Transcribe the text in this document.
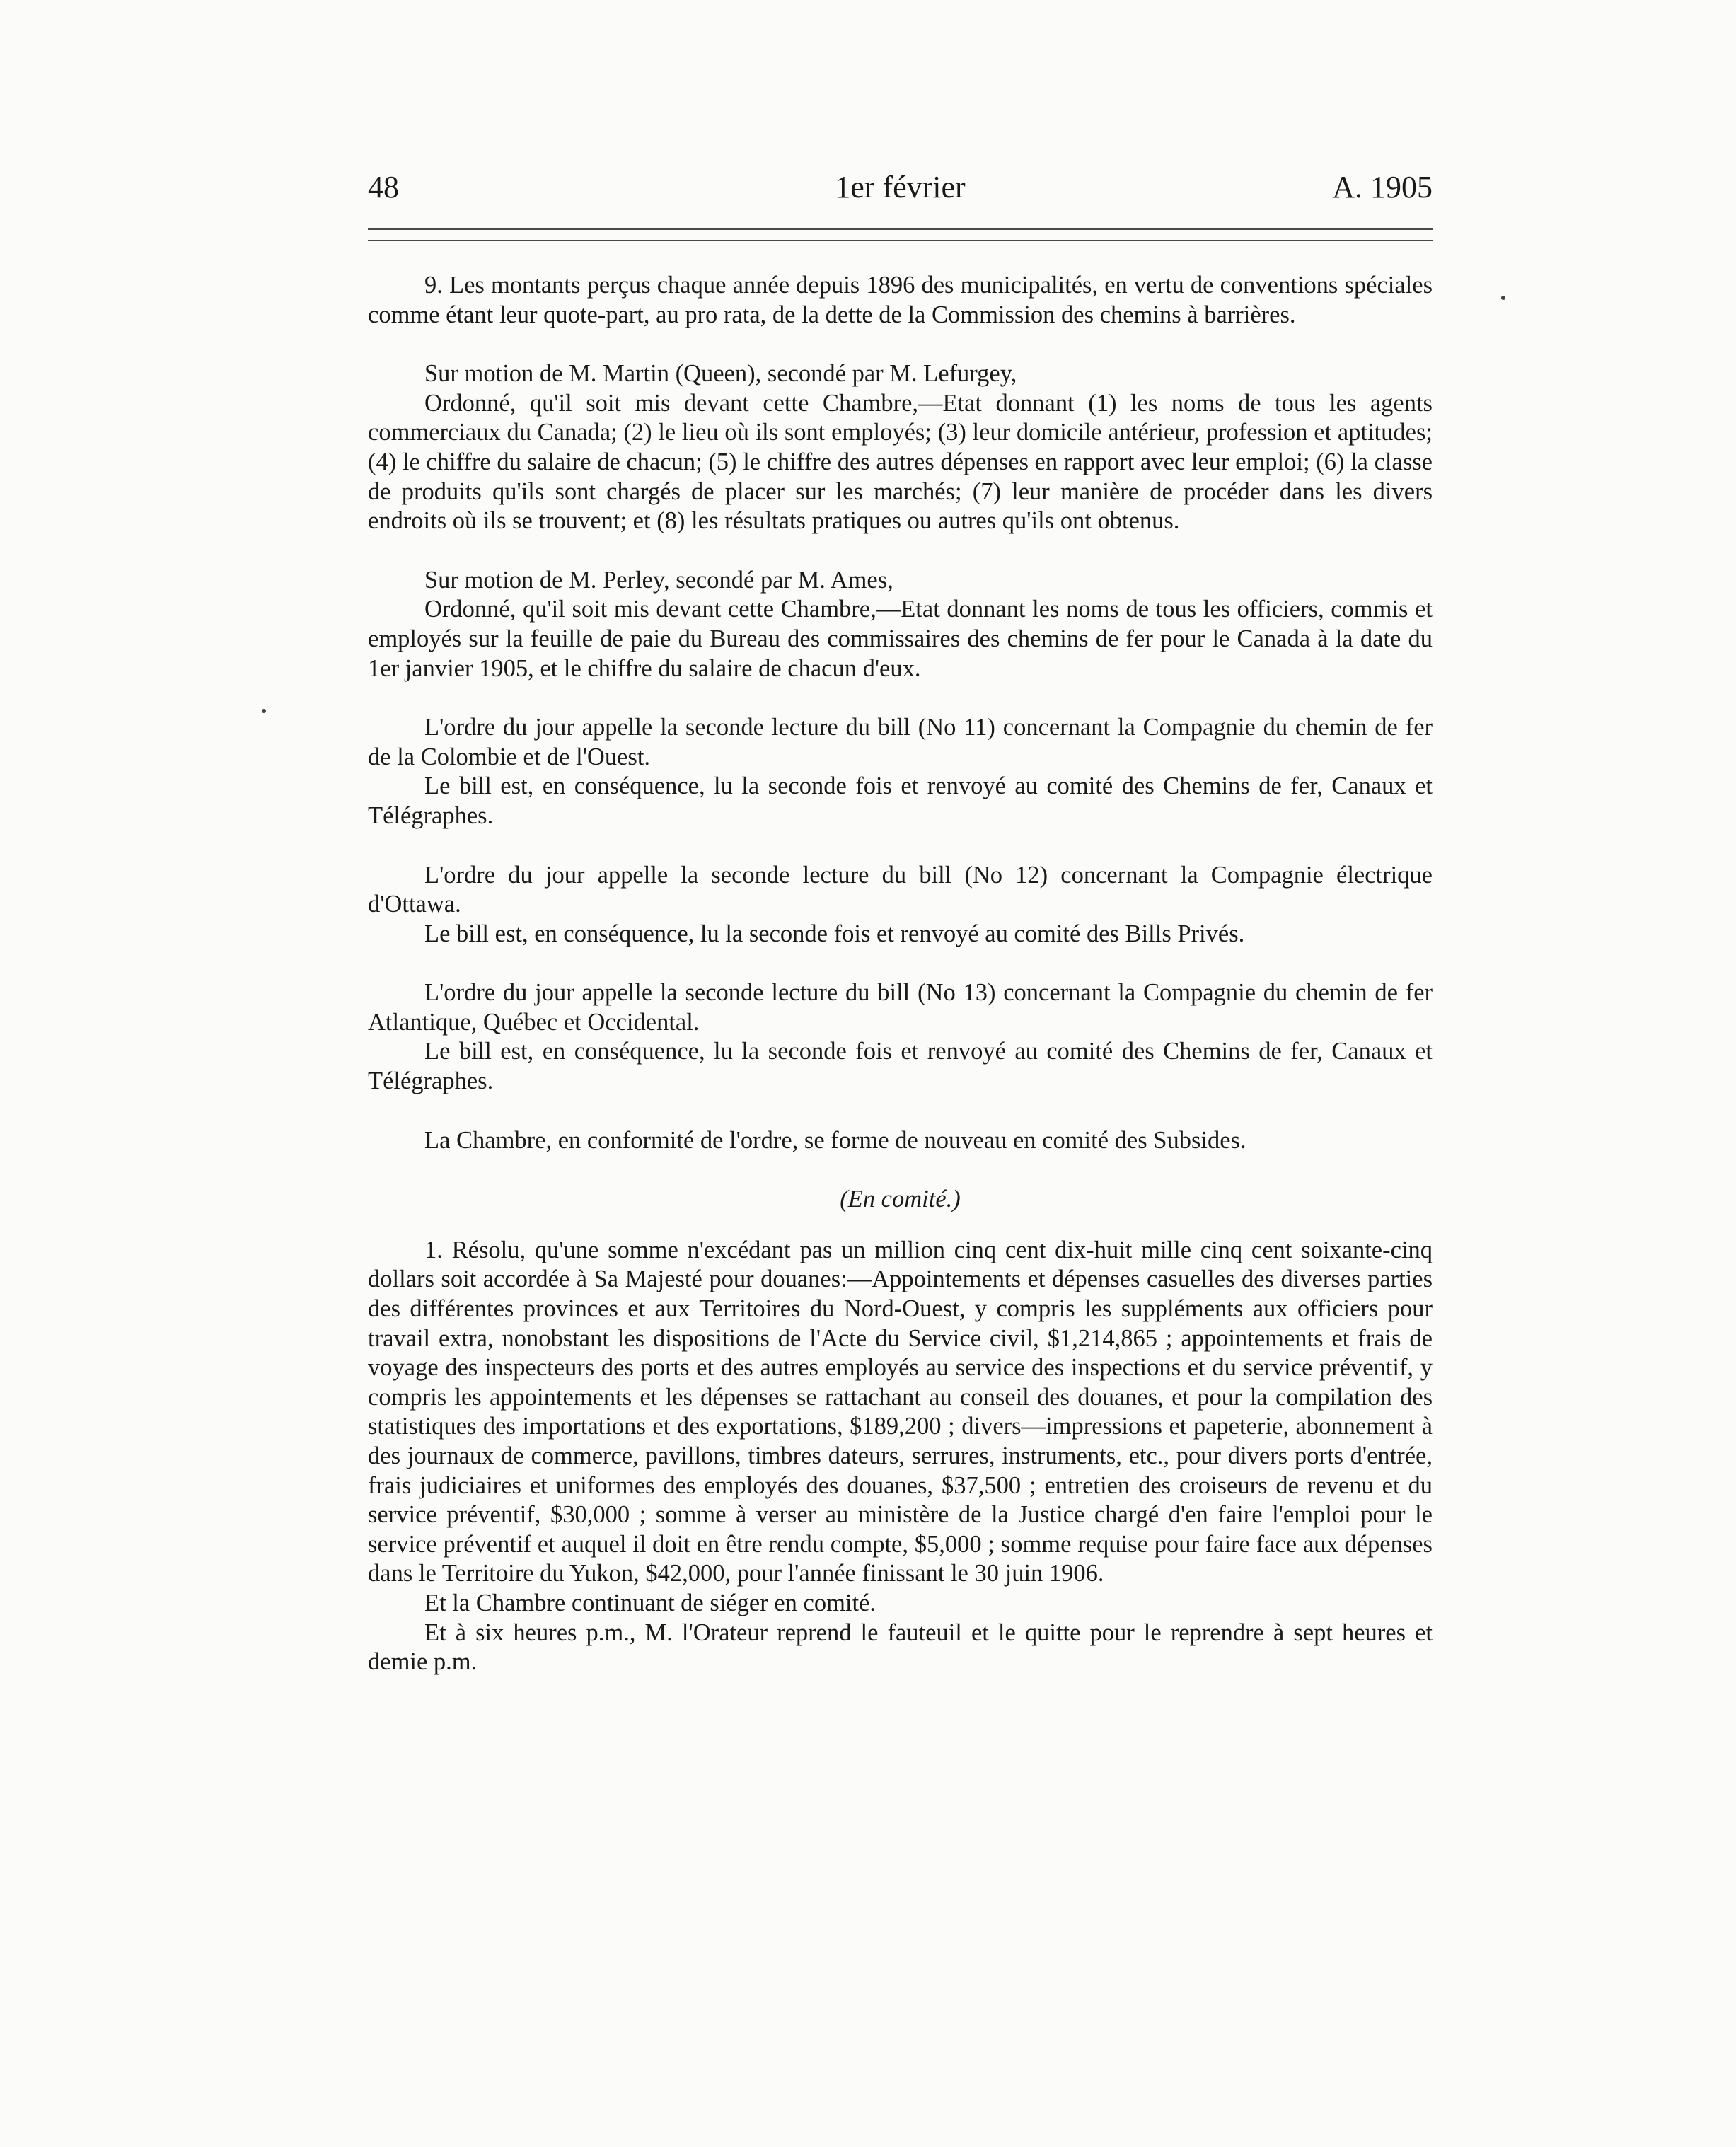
48	1er février	A. 1905

9. Les montants perçus chaque année depuis 1896 des municipalités, en vertu de conventions spéciales comme étant leur quote-part, au pro rata, de la dette de la Commission des chemins à barrières.

Sur motion de M. Martin (Queen), secondé par M. Lefurgey,

Ordonné, qu'il soit mis devant cette Chambre,—Etat donnant (1) les noms de tous les agents commerciaux du Canada; (2) le lieu où ils sont employés; (3) leur domicile antérieur, profession et aptitudes; (4) le chiffre du salaire de chacun; (5) le chiffre des autres dépenses en rapport avec leur emploi; (6) la classe de produits qu'ils sont chargés de placer sur les marchés; (7) leur manière de procéder dans les divers endroits où ils se trouvent; et (8) les résultats pratiques ou autres qu'ils ont obtenus.

Sur motion de M. Perley, secondé par M. Ames,

Ordonné, qu'il soit mis devant cette Chambre,—Etat donnant les noms de tous les officiers, commis et employés sur la feuille de paie du Bureau des commissaires des chemins de fer pour le Canada à la date du 1er janvier 1905, et le chiffre du salaire de chacun d'eux.

L'ordre du jour appelle la seconde lecture du bill (No 11) concernant la Compagnie du chemin de fer de la Colombie et de l'Ouest.

Le bill est, en conséquence, lu la seconde fois et renvoyé au comité des Chemins de fer, Canaux et Télégraphes.

L'ordre du jour appelle la seconde lecture du bill (No 12) concernant la Compagnie électrique d'Ottawa.

Le bill est, en conséquence, lu la seconde fois et renvoyé au comité des Bills Privés.

L'ordre du jour appelle la seconde lecture du bill (No 13) concernant la Compagnie du chemin de fer Atlantique, Québec et Occidental.

Le bill est, en conséquence, lu la seconde fois et renvoyé au comité des Chemins de fer, Canaux et Télégraphes.

La Chambre, en conformité de l'ordre, se forme de nouveau en comité des Subsides.

(En comité.)

1. Résolu, qu'une somme n'excédant pas un million cinq cent dix-huit mille cinq cent soixante-cinq dollars soit accordée à Sa Majesté pour douanes:—Appointements et dépenses casuelles des diverses parties des différentes provinces et aux Territoires du Nord-Ouest, y compris les suppléments aux officiers pour travail extra, nonobstant les dispositions de l'Acte du Service civil, $1,214,865 ; appointements et frais de voyage des inspecteurs des ports et des autres employés au service des inspections et du service préventif, y compris les appointements et les dépenses se rattachant au conseil des douanes, et pour la compilation des statistiques des importations et des exportations, $189,200 ; divers—impressions et papeterie, abonnement à des journaux de commerce, pavillons, timbres dateurs, serrures, instruments, etc., pour divers ports d'entrée, frais judiciaires et uniformes des employés des douanes, $37,500 ; entretien des croiseurs de revenu et du service préventif, $30,000 ; somme à verser au ministère de la Justice chargé d'en faire l'emploi pour le service préventif et auquel il doit en être rendu compte, $5,000 ; somme requise pour faire face aux dépenses dans le Territoire du Yukon, $42,000, pour l'année finissant le 30 juin 1906.

Et la Chambre continuant de siéger en comité.

Et à six heures p.m., M. l'Orateur reprend le fauteuil et le quitte pour le reprendre à sept heures et demie p.m.
